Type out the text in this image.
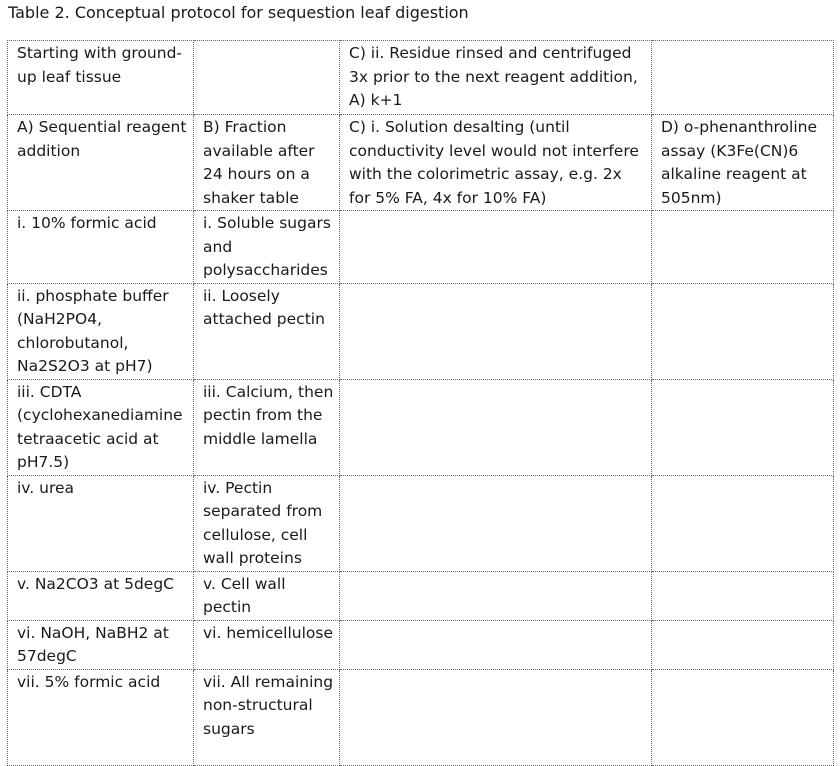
Table 2. Conceptual protocol for sequestion leaf digestion
Starting with ground-up leaf tissue		C) ii. Residue rinsed and centrifuged 3x prior to the next reagent addition, A) k+1	
A) Sequential reagent addition	B) Fraction available after 24 hours on a shaker table	C) i. Solution desalting (until conductivity level would not interfere with the colorimetric assay, e.g. 2x for 5% FA, 4x for 10% FA)	D) o-phenanthroline assay (K3Fe(CN)6 alkaline reagent at 505nm)
i. 10% formic acid	i. Soluble sugars and polysaccharides		
ii. phosphate buffer (NaH2PO4, chlorobutanol, Na2S2O3 at pH7)	ii. Loosely attached pectin		
iii. CDTA (cyclohexanediamine tetraacetic acid at pH7.5)	iii. Calcium, then pectin from the middle lamella		
iv. urea	iv. Pectin separated from cellulose, cell wall proteins		
v. Na2CO3 at 5degC	v. Cell wall pectin		
vi. NaOH, NaBH2 at 57degC	vi. hemicellulose		
vii. 5% formic acid	vii. All remaining non-structural sugars		
